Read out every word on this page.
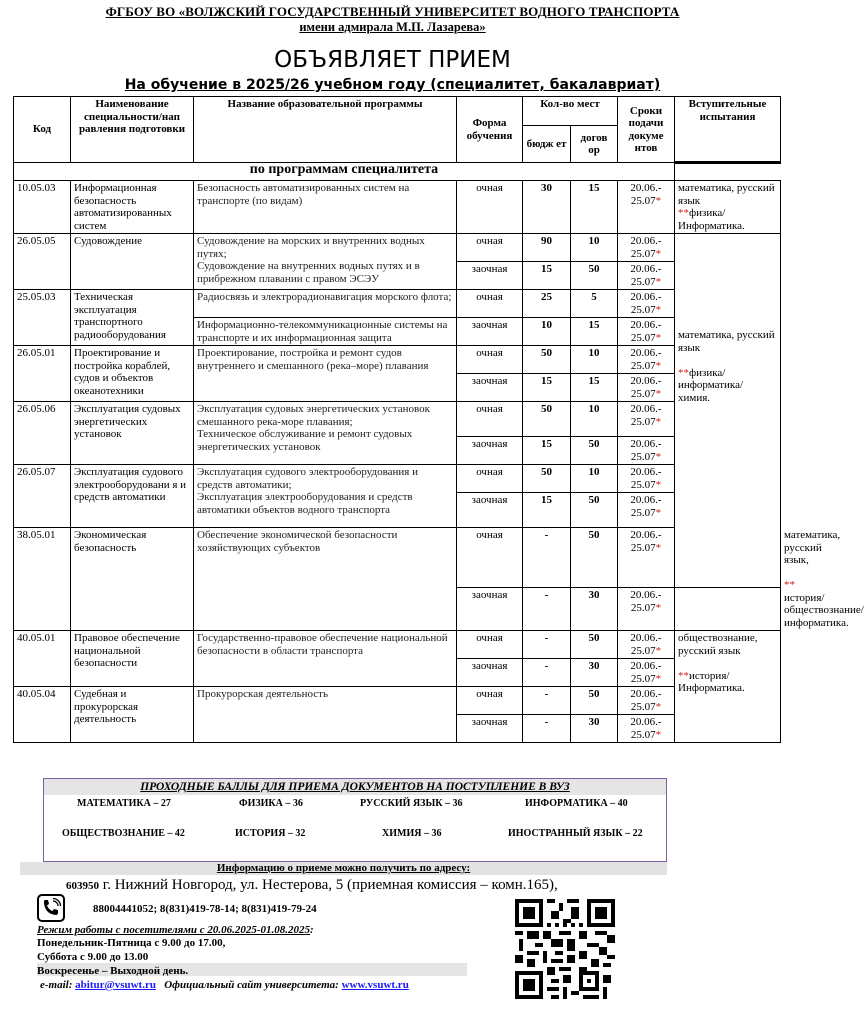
ФГБОУ ВО «ВОЛЖСКИЙ ГОСУДАРСТВЕННЫЙ УНИВЕРСИТЕТ ВОДНОГО ТРАНСПОРТА
имени адмирала М.П. Лазарева»
ОБЪЯВЛЯЕТ ПРИЕМ
На обучение в 2025/26 учебном году (специалитет, бакалавриат)
Код	Наименование специальности/нап равления подготовки	Название образовательной программы	Форма обучения	Кол-во мест		Сроки подачи докуме нтов	Вступительные испытания	
				бюдж ет	догов ор			
по программам специалитета								
10.05.03	Информационная безопасность автоматизированных систем	Безопасность автоматизированных систем на транспорте (по видам)	очная	30	15	20.06.- 25.07*	математика, русский язык
**физика/ Информатика.	
26.05.05	Судовождение	Судовождение на морских и внутренних водных путях;
Судовождение на внутренних водных путях и в прибрежном плавании с правом ЭСЭУ	очная	90	10	20.06.- 25.07*	математика, русский язык

**физика/ информатика/ химия.	
			заочная	15	50	20.06.- 25.07*		
25.05.03	Техническая эксплуатация транспортного радиооборудования	Радиосвязь и электрорадионавигация морского флота;	очная	25	5	20.06.- 25.07*		
		Информационно-телекоммуникационные системы на транспорте и их информационная защита	заочная	10	15	20.06.- 25.07*		
26.05.01	Проектирование и постройка кораблей, судов и объектов океанотехники	Проектирование, постройка и ремонт судов внутреннего и смешанного (река–море) плавания	очная	50	10	20.06.- 25.07*		
			заочная	15	15	20.06.- 25.07*		
26.05.06	Эксплуатация судовых энергетических установок	Эксплуатация судовых энергетических установок смешанного река-море плавания;
Техническое обслуживание и ремонт судовых энергетических установок	очная	50	10	20.06.- 25.07*		
			заочная	15	50	20.06.- 25.07*		
26.05.07	Эксплуатация судового электрооборудовани я и средств автоматики	Эксплуатация судового электрооборудования и средств автоматики;
Эксплуатация электрооборудования и средств автоматики объектов водного транспорта	очная	50	10	20.06.- 25.07*		
			заочная	15	50	20.06.- 25.07*		
38.05.01	Экономическая безопасность	Обеспечение экономической безопасности хозяйствующих субъектов	очная	-	50	20.06.- 25.07*		математика, русский язык,

** история/ обществознание/ информатика.
			заочная	-	30	20.06.- 25.07*		
40.05.01	Правовое обеспечение национальной безопасности	Государственно-правовое обеспечение национальной безопасности в области транспорта	очная	-	50	20.06.- 25.07*	обществознание, русский язык

**история/ Информатика.	
			заочная	-	30	20.06.- 25.07*		
40.05.04	Судебная и прокурорская деятельность	Прокурорская деятельность	очная	-	50	20.06.- 25.07*		
			заочная	-	30	20.06.- 25.07*		
ПРОХОДНЫЕ БАЛЛЫ ДЛЯ ПРИЕМА ДОКУМЕНТОВ НА ПОСТУПЛЕНИЕ В ВУЗ
МАТЕМАТИКА – 27	ФИЗИКА – 36	РУССКИЙ ЯЗЫК – 36	ИНФОРМАТИКА – 40
ОБЩЕСТВОЗНАНИЕ – 42	ИСТОРИЯ – 32	ХИМИЯ – 36	ИНОСТРАННЫЙ ЯЗЫК – 22
Информацию о приеме можно получить по адресу:
603950 г. Нижний Новгород, ул. Нестерова, 5 (приемная комиссия – комн.165),
88004441052; 8(831)419-78-14; 8(831)419-79-24
Режим работы с посетителями с 20.06.2025-01.08.2025:
Понедельник-Пятница с 9.00 до 17.00,
Суббота с 9.00 до 13.00
Воскресенье – Выходной день.
e-mail: abitur@vsuwt.ru   Официальный сайт университета: www.vsuwt.ru
